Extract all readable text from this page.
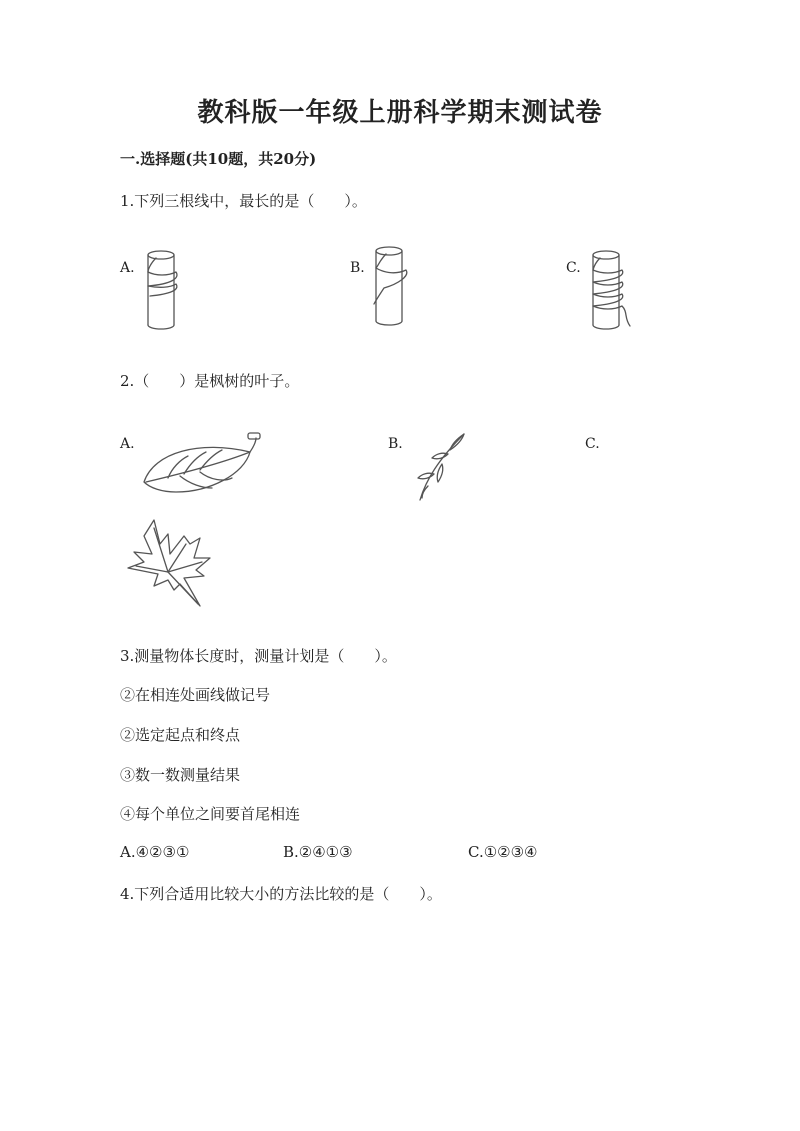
教科版一年级上册科学期末测试卷
一.选择题(共10题，共20分)
1.下列三根线中，最长的是（　　）。
A.	B.	C.
2.（　　）是枫树的叶子。
A.	B.	C.
3.测量物体长度时，测量计划是（　　）。
②在相连处画线做记号
②选定起点和终点
③数一数测量结果
④每个单位之间要首尾相连
A.④②③①	B.②④①③	C.①②③④
4.下列合适用比较大小的方法比较的是（　　）。
